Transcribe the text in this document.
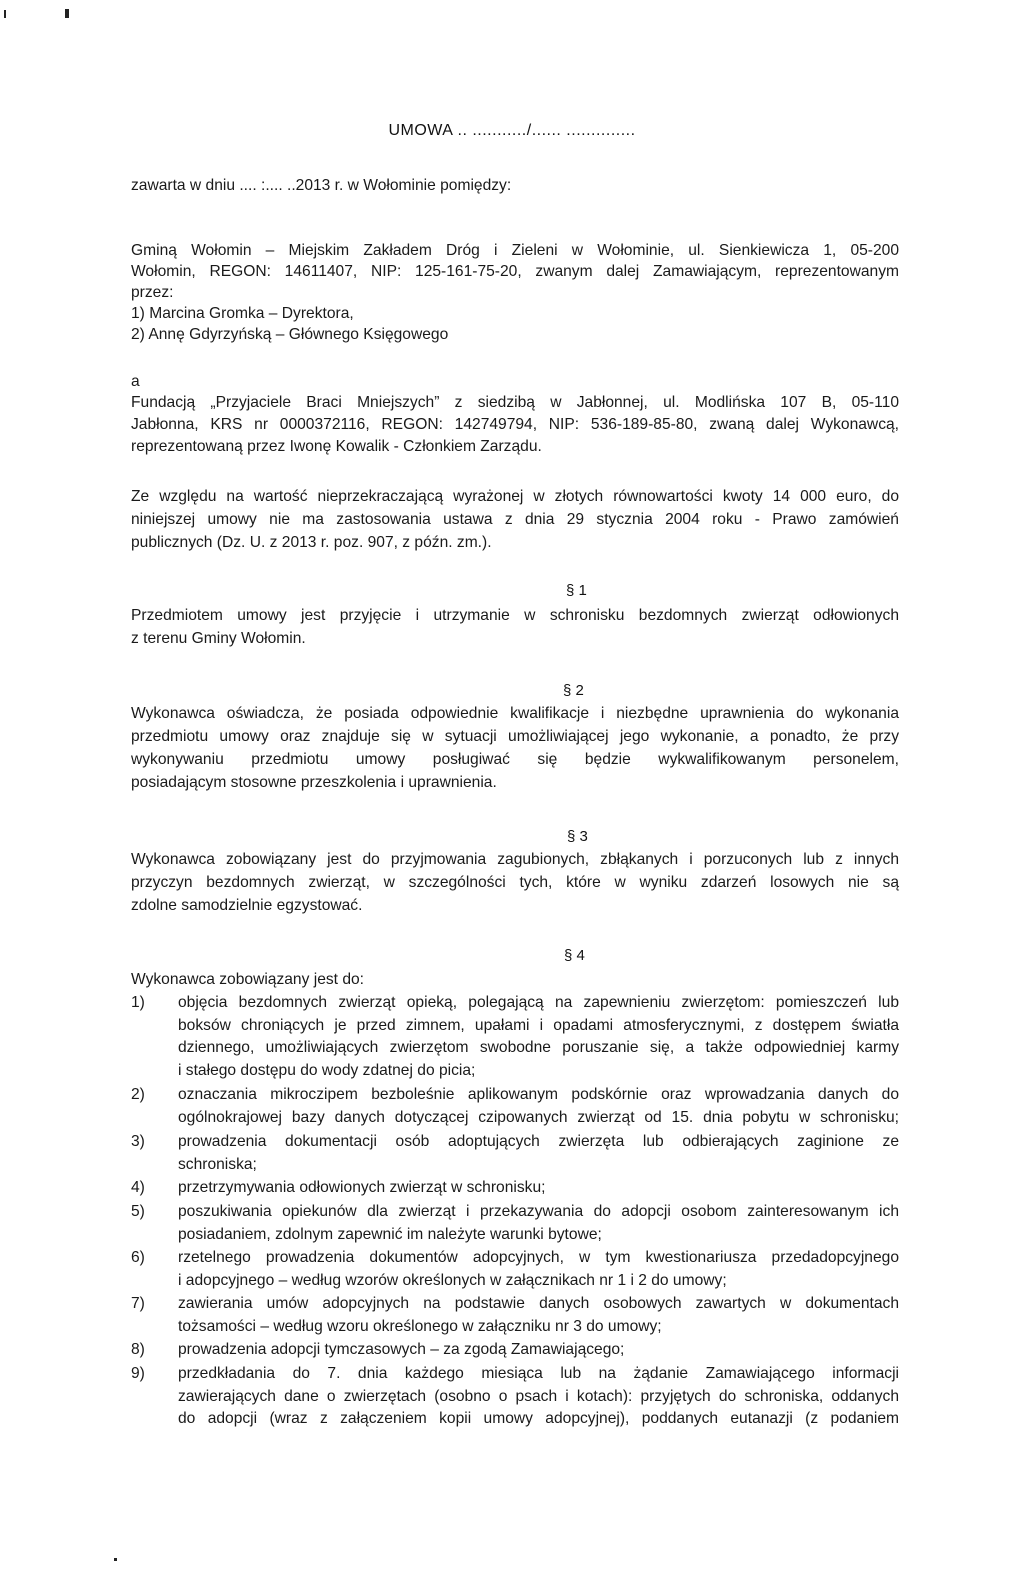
UMOWA .. .........../...... ..............
zawarta w dniu .... :.... ..2013 r. w Wołominie pomiędzy:
Gminą Wołomin – Miejskim Zakładem Dróg i Zieleni w Wołominie, ul. Sienkiewicza 1, 05-200
Wołomin, REGON: 14611407, NIP: 125-161-75-20, zwanym dalej Zamawiającym, reprezentowanym
przez:
1) Marcina Gromka – Dyrektora,
2) Annę Gdyrzyńską – Głównego Księgowego
a
Fundacją „Przyjaciele Braci Mniejszych” z siedzibą w Jabłonnej, ul. Modlińska 107 B, 05-110
Jabłonna, KRS nr 0000372116, REGON: 142749794, NIP: 536-189-85-80, zwaną dalej Wykonawcą,
reprezentowaną przez Iwonę Kowalik - Członkiem Zarządu.
Ze względu na wartość nieprzekraczającą wyrażonej w złotych równowartości kwoty 14 000 euro, do
niniejszej umowy nie ma zastosowania ustawa z dnia 29 stycznia 2004 roku - Prawo zamówień
publicznych (Dz. U. z 2013 r. poz. 907, z późn. zm.).
§ 1
Przedmiotem umowy jest przyjęcie i utrzymanie w schronisku bezdomnych zwierząt odłowionych
z terenu Gminy Wołomin.
§ 2
Wykonawca oświadcza, że posiada odpowiednie kwalifikacje i niezbędne uprawnienia do wykonania
przedmiotu umowy oraz znajduje się w sytuacji umożliwiającej jego wykonanie, a ponadto, że przy
wykonywaniu przedmiotu umowy posługiwać się będzie wykwalifikowanym personelem,
posiadającym stosowne przeszkolenia i uprawnienia.
§ 3
Wykonawca zobowiązany jest do przyjmowania zagubionych, zbłąkanych i porzuconych lub z innych
przyczyn bezdomnych zwierząt, w szczególności tych, które w wyniku zdarzeń losowych nie są
zdolne samodzielnie egzystować.
§ 4
Wykonawca zobowiązany jest do:
1)	objęcia bezdomnych zwierząt opieką, polegającą na zapewnieniu zwierzętom: pomieszczeń lub
boksów chroniących je przed zimnem, upałami i opadami atmosferycznymi, z dostępem światła
dziennego, umożliwiających zwierzętom swobodne poruszanie się, a także odpowiedniej karmy
i stałego dostępu do wody zdatnej do picia;
2)	oznaczania mikroczipem bezboleśnie aplikowanym podskórnie oraz wprowadzania danych do
ogólnokrajowej bazy danych dotyczącej czipowanych zwierząt od 15. dnia pobytu w schronisku;
3)	prowadzenia dokumentacji osób adoptujących zwierzęta lub odbierających zaginione ze
schroniska;
4)	przetrzymywania odłowionych zwierząt w schronisku;
5)	poszukiwania opiekunów dla zwierząt i przekazywania do adopcji osobom zainteresowanym ich
posiadaniem, zdolnym zapewnić im należyte warunki bytowe;
6)	rzetelnego prowadzenia dokumentów adopcyjnych, w tym kwestionariusza przedadopcyjnego
i adopcyjnego – według wzorów określonych w załącznikach nr 1 i 2 do umowy;
7)	zawierania umów adopcyjnych na podstawie danych osobowych zawartych w dokumentach
tożsamości – według wzoru określonego w załączniku nr 3 do umowy;
8)	prowadzenia adopcji tymczasowych – za zgodą Zamawiającego;
9)	przedkładania do 7. dnia każdego miesiąca lub na żądanie Zamawiającego informacji
zawierających dane o zwierzętach (osobno o psach i kotach): przyjętych do schroniska, oddanych
do adopcji (wraz z załączeniem kopii umowy adopcyjnej), poddanych eutanazji (z podaniem
